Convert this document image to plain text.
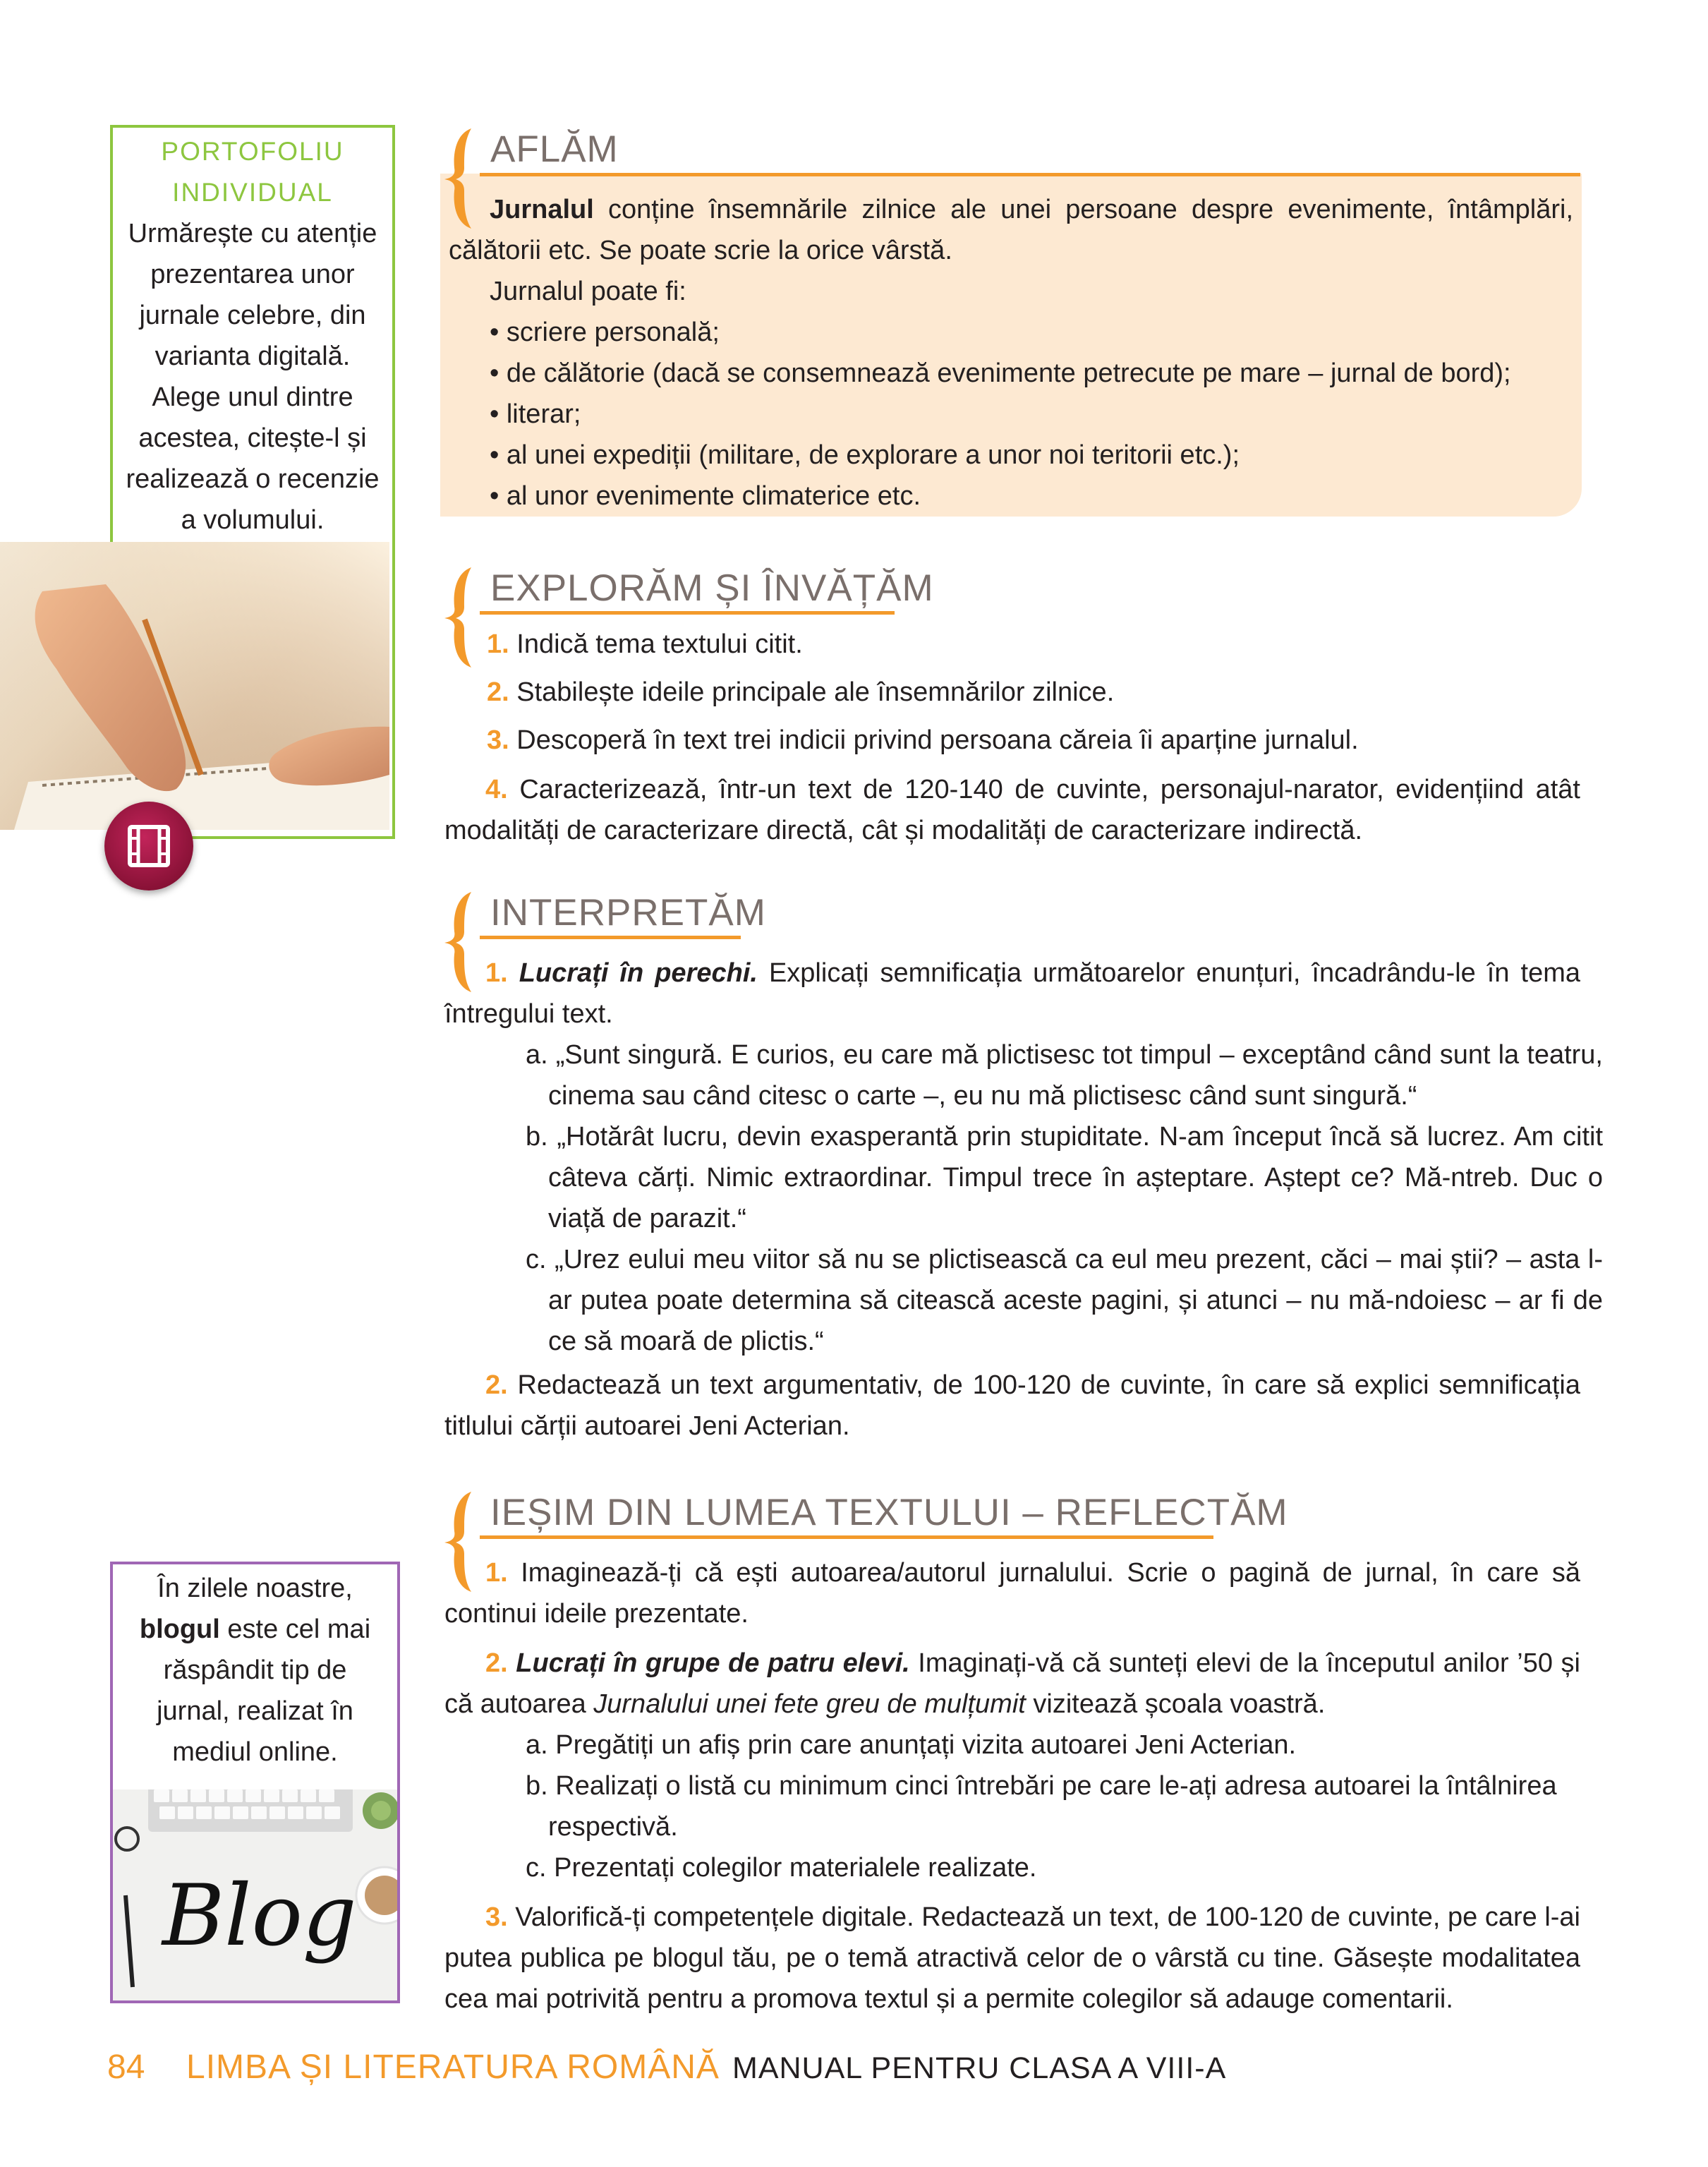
PORTOFOLIU
INDIVIDUAL
Urmărește cu atenție
prezentarea unor
jurnale celebre, din
varianta digitală.
Alege unul dintre
acestea, citește-l și
realizează o recenzie
a volumului.
În zilele noastre,
blogul este cel mai
răspândit tip de
jurnal, realizat în
mediul online.
Blog
AFLĂM
Jurnalul conține însemnările zilnice ale unei persoane despre evenimente, întâmplări, călătorii etc. Se poate scrie la orice vârstă.
Jurnalul poate fi:
• scriere personală;
• de călătorie (dacă se consemnează evenimente petrecute pe mare – jurnal de bord);
• literar;
• al unei expediții (militare, de explorare a unor noi teritorii etc.);
• al unor evenimente climaterice etc.
EXPLORĂM ȘI ÎNVĂȚĂM
1. Indică tema textului citit.
2. Stabilește ideile principale ale însemnărilor zilnice.
3. Descoperă în text trei indicii privind persoana căreia îi aparține jurnalul.
4. Caracterizează, într-un text de 120-140 de cuvinte, personajul-narator, evidențiind atât modalități de caracterizare directă, cât și modalități de caracterizare indirectă.
INTERPRETĂM
1. Lucrați în perechi. Explicați semnificația următoarelor enunțuri, încadrându-le în tema întregului text.
a. „Sunt singură. E curios, eu care mă plictisesc tot timpul – exceptând când sunt la teatru, cinema sau când citesc o carte –, eu nu mă plictisesc când sunt singură.“
b. „Hotărât lucru, devin exasperantă prin stupiditate. N-am început încă să lucrez. Am citit câteva cărți. Nimic extraordinar. Timpul trece în așteptare. Aștept ce? Mă-ntreb. Duc o viață de parazit.“
c. „Urez eului meu viitor să nu se plictisească ca eul meu prezent, căci – mai știi? – asta l-ar putea poate determina să citească aceste pagini, și atunci – nu mă-ndoiesc – ar fi de ce să moară de plictis.“
2. Redactează un text argumentativ, de 100-120 de cuvinte, în care să explici semnificația titlului cărții autoarei Jeni Acterian.
IEȘIM DIN LUMEA TEXTULUI – REFLECTĂM
1. Imaginează-ți că ești autoarea/autorul jurnalului. Scrie o pagină de jurnal, în care să continui ideile prezentate.
2. Lucrați în grupe de patru elevi. Imaginați-vă că sunteți elevi de la începutul anilor ’50 și că autoarea Jurnalului unei fete greu de mulțumit vizitează școala voastră.
a. Pregătiți un afiș prin care anunțați vizita autoarei Jeni Acterian.
b. Realizați o listă cu minimum cinci întrebări pe care le-ați adresa autoarei la întâlnirea respectivă.
c. Prezentați colegilor materialele realizate.
3. Valorifică-ți competențele digitale. Redactează un text, de 100-120 de cuvinte, pe care l-ai putea publica pe blogul tău, pe o temă atractivă celor de o vârstă cu tine. Găsește modalitatea cea mai potrivită pentru a promova textul și a permite colegilor să adauge comentarii.
84 LIMBA ȘI LITERATURA ROMÂNĂ MANUAL PENTRU CLASA A VIII-A
